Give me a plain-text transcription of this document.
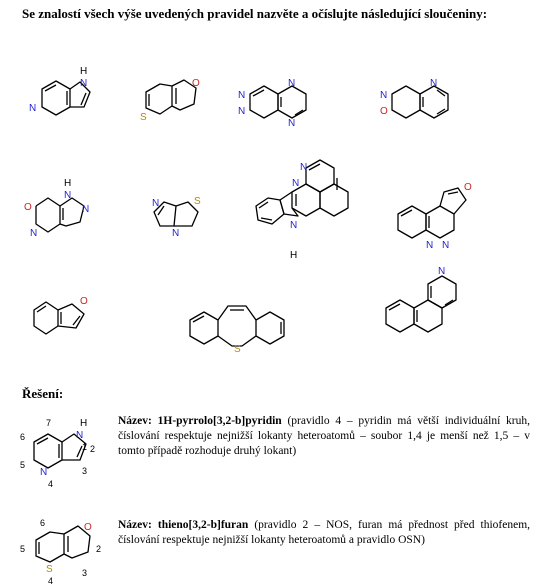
Se znalostí všech výše uvedených pravidel nazvěte a očíslujte následující sloučeniny:
N
N
H
S
O
N
N
N
N
N
O
N
O
N
N
H
N
N	S
N
N
N
N
H
O
N N
O
S
N
Řešení:
N
N
H
1 2
3
4
5
6
7	Název: 1H-pyrrolo[3,2-b]pyridin (pravidlo 4 – pyridin má větší individuální kruh, číslování respektuje nejnižší lokanty heteroatomů – soubor 1,4 je menší než 1,5 – v tomto případě rozhoduje druhý lokant)
S
O
2
3
4
5
6	Název: thieno[3,2-b]furan (pravidlo 2 – NOS, furan má přednost před thiofenem, číslování respektuje nejnižší lokanty heteroatomů a pravidlo OSN)
